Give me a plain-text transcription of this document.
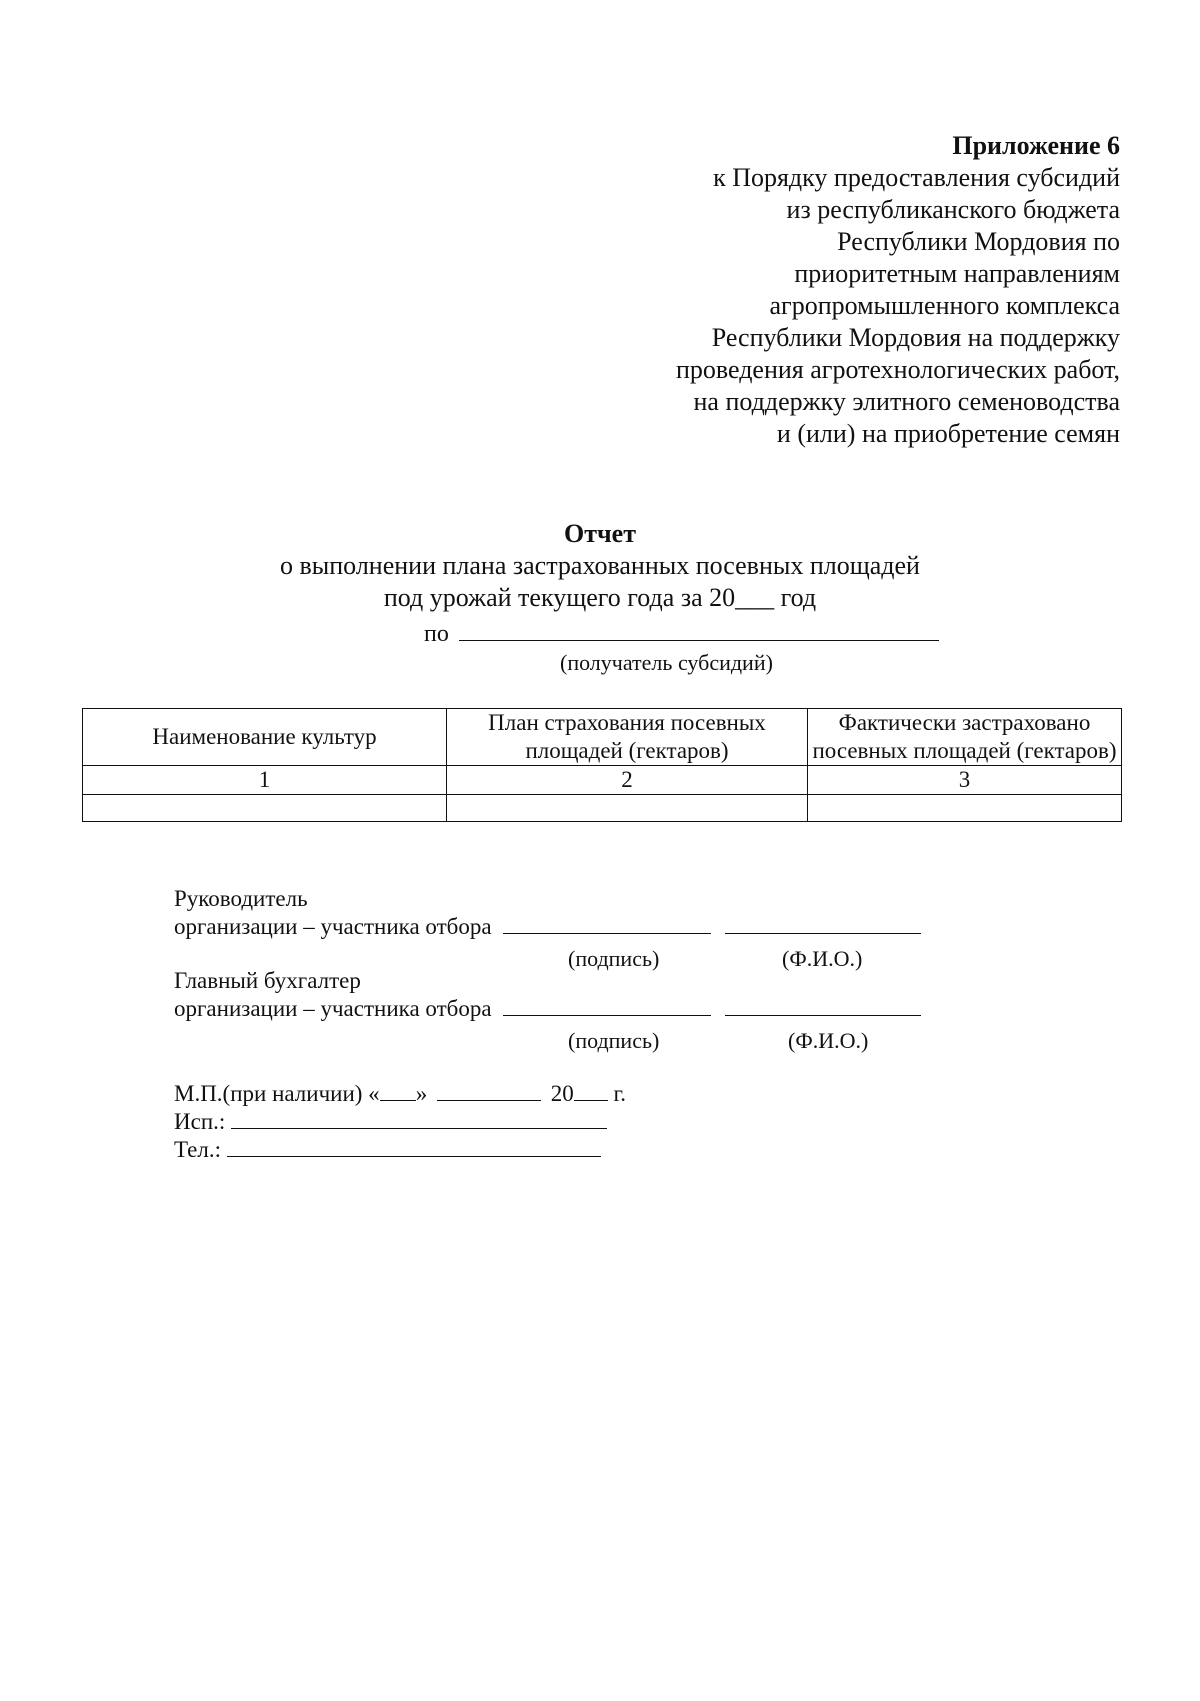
Приложение 6
к Порядку предоставления субсидий
из республиканского бюджета
Республики Мордовия по
приоритетным направлениям
агропромышленного комплекса
Республики Мордовия на поддержку
проведения агротехнологических работ,
на поддержку элитного семеноводства
и (или) на приобретение семян
Отчет
о выполнении плана застрахованных посевных площадей
под урожай текущего года за 20___ год
по
(получатель субсидий)
Наименование культур	План страхования посевных площадей (гектаров)	Фактически застраховано посевных площадей (гектаров)
1	2	3

Руководитель
организации – участника отбора
(подпись)	(Ф.И.О.)
Главный бухгалтер
организации – участника отбора
(подпись)	(Ф.И.О.)
М.П.(при наличии) « »	20 г.
Исп.:
Тел.:
